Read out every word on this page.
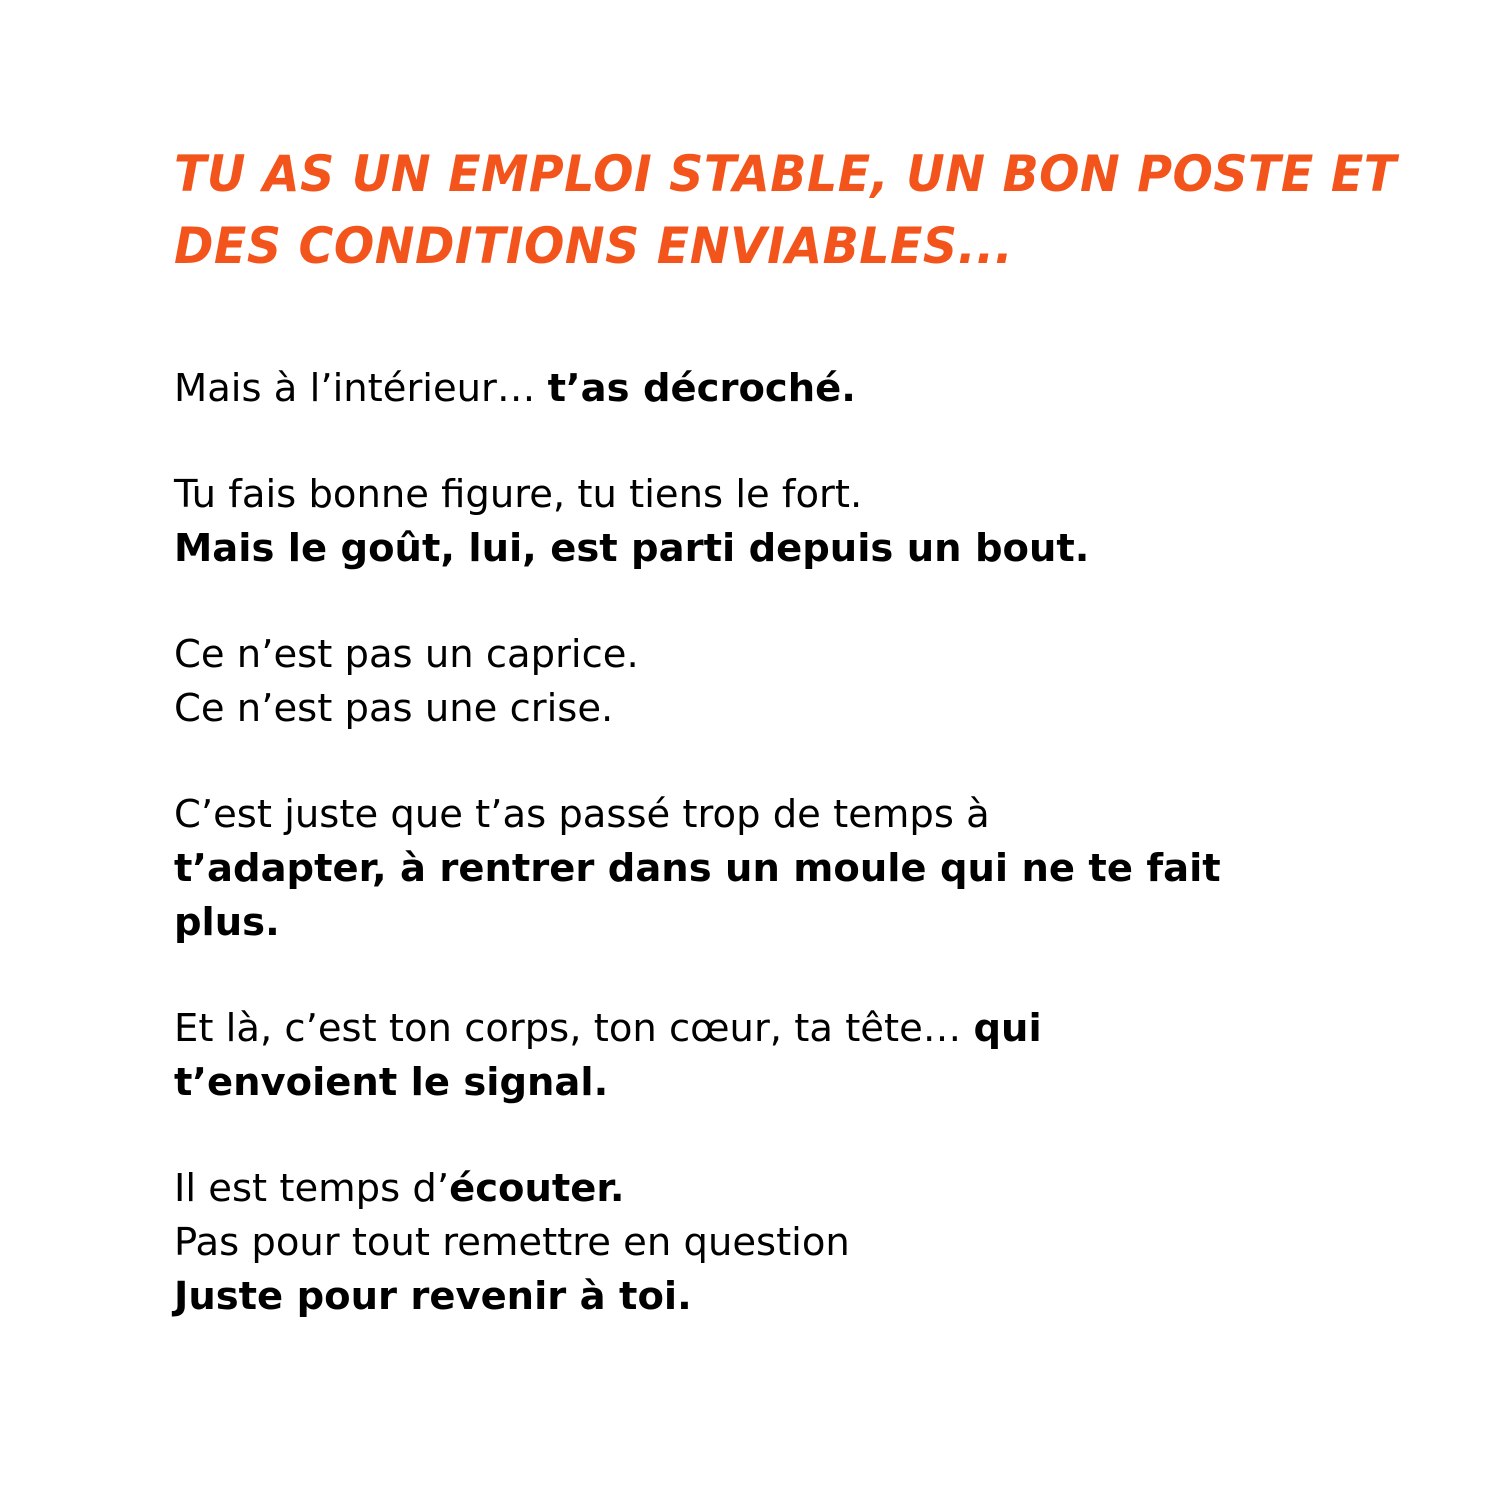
TU AS UN EMPLOI STABLE, UN BON POSTE ET
DES CONDITIONS ENVIABLES...

Mais à l’intérieur… t’as décroché.

Tu fais bonne figure, tu tiens le fort.
Mais le goût, lui, est parti depuis un bout.

Ce n’est pas un caprice.
Ce n’est pas une crise.

C’est juste que t’as passé trop de temps à
t’adapter, à rentrer dans un moule qui ne te fait
plus.

Et là, c’est ton corps, ton cœur, ta tête… qui
t’envoient le signal.

Il est temps d’écouter.
Pas pour tout remettre en question
Juste pour revenir à toi.
